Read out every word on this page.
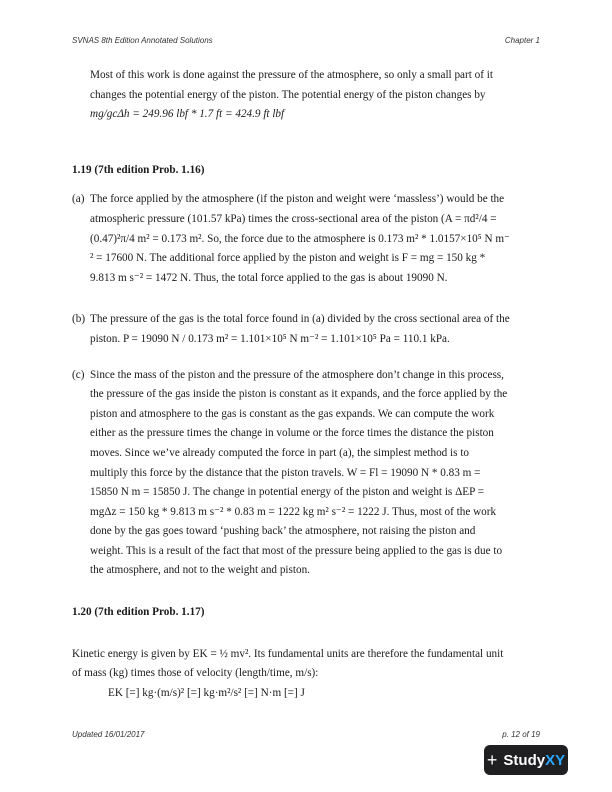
SVNAS 8th Edition Annotated Solutions	Chapter 1
Most of this work is done against the pressure of the atmosphere, so only a small part of it
changes the potential energy of the piston. The potential energy of the piston changes by
mg/gcΔh = 249.96 lbf * 1.7 ft = 424.9 ft lbf

1.19 (7th edition Prob. 1.16)

(a) The force applied by the atmosphere (if the piston and weight were ‘massless’) would be the
atmospheric pressure (101.57 kPa) times the cross-sectional area of the piston (A = πd²/4 =
(0.47)²π/4 m² = 0.173 m². So, the force due to the atmosphere is 0.173 m² * 1.0157×10⁵ N m⁻
² = 17600 N. The additional force applied by the piston and weight is F = mg = 150 kg *
9.813 m s⁻² = 1472 N. Thus, the total force applied to the gas is about 19090 N.
(b) The pressure of the gas is the total force found in (a) divided by the cross sectional area of the
piston. P = 19090 N / 0.173 m² = 1.101×10⁵ N m⁻² = 1.101×10⁵ Pa = 110.1 kPa.
(c) Since the mass of the piston and the pressure of the atmosphere don’t change in this process,
the pressure of the gas inside the piston is constant as it expands, and the force applied by the
piston and atmosphere to the gas is constant as the gas expands. We can compute the work
either as the pressure times the change in volume or the force times the distance the piston
moves. Since we’ve already computed the force in part (a), the simplest method is to
multiply this force by the distance that the piston travels. W = Fl = 19090 N * 0.83 m =
15850 N m = 15850 J. The change in potential energy of the piston and weight is ΔEP =
mgΔz = 150 kg * 9.813 m s⁻² * 0.83 m = 1222 kg m² s⁻² = 1222 J. Thus, most of the work
done by the gas goes toward ‘pushing back’ the atmosphere, not raising the piston and
weight. This is a result of the fact that most of the pressure being applied to the gas is due to
the atmosphere, and not to the weight and piston.

1.20 (7th edition Prob. 1.17)

Kinetic energy is given by EK = ½ mv². Its fundamental units are therefore the fundamental unit
of mass (kg) times those of velocity (length/time, m/s):
EK [=] kg·(m/s)² [=] kg·m²/s² [=] N·m [=] J
Updated 16/01/2017	p. 12 of 19
+ StudyXY
